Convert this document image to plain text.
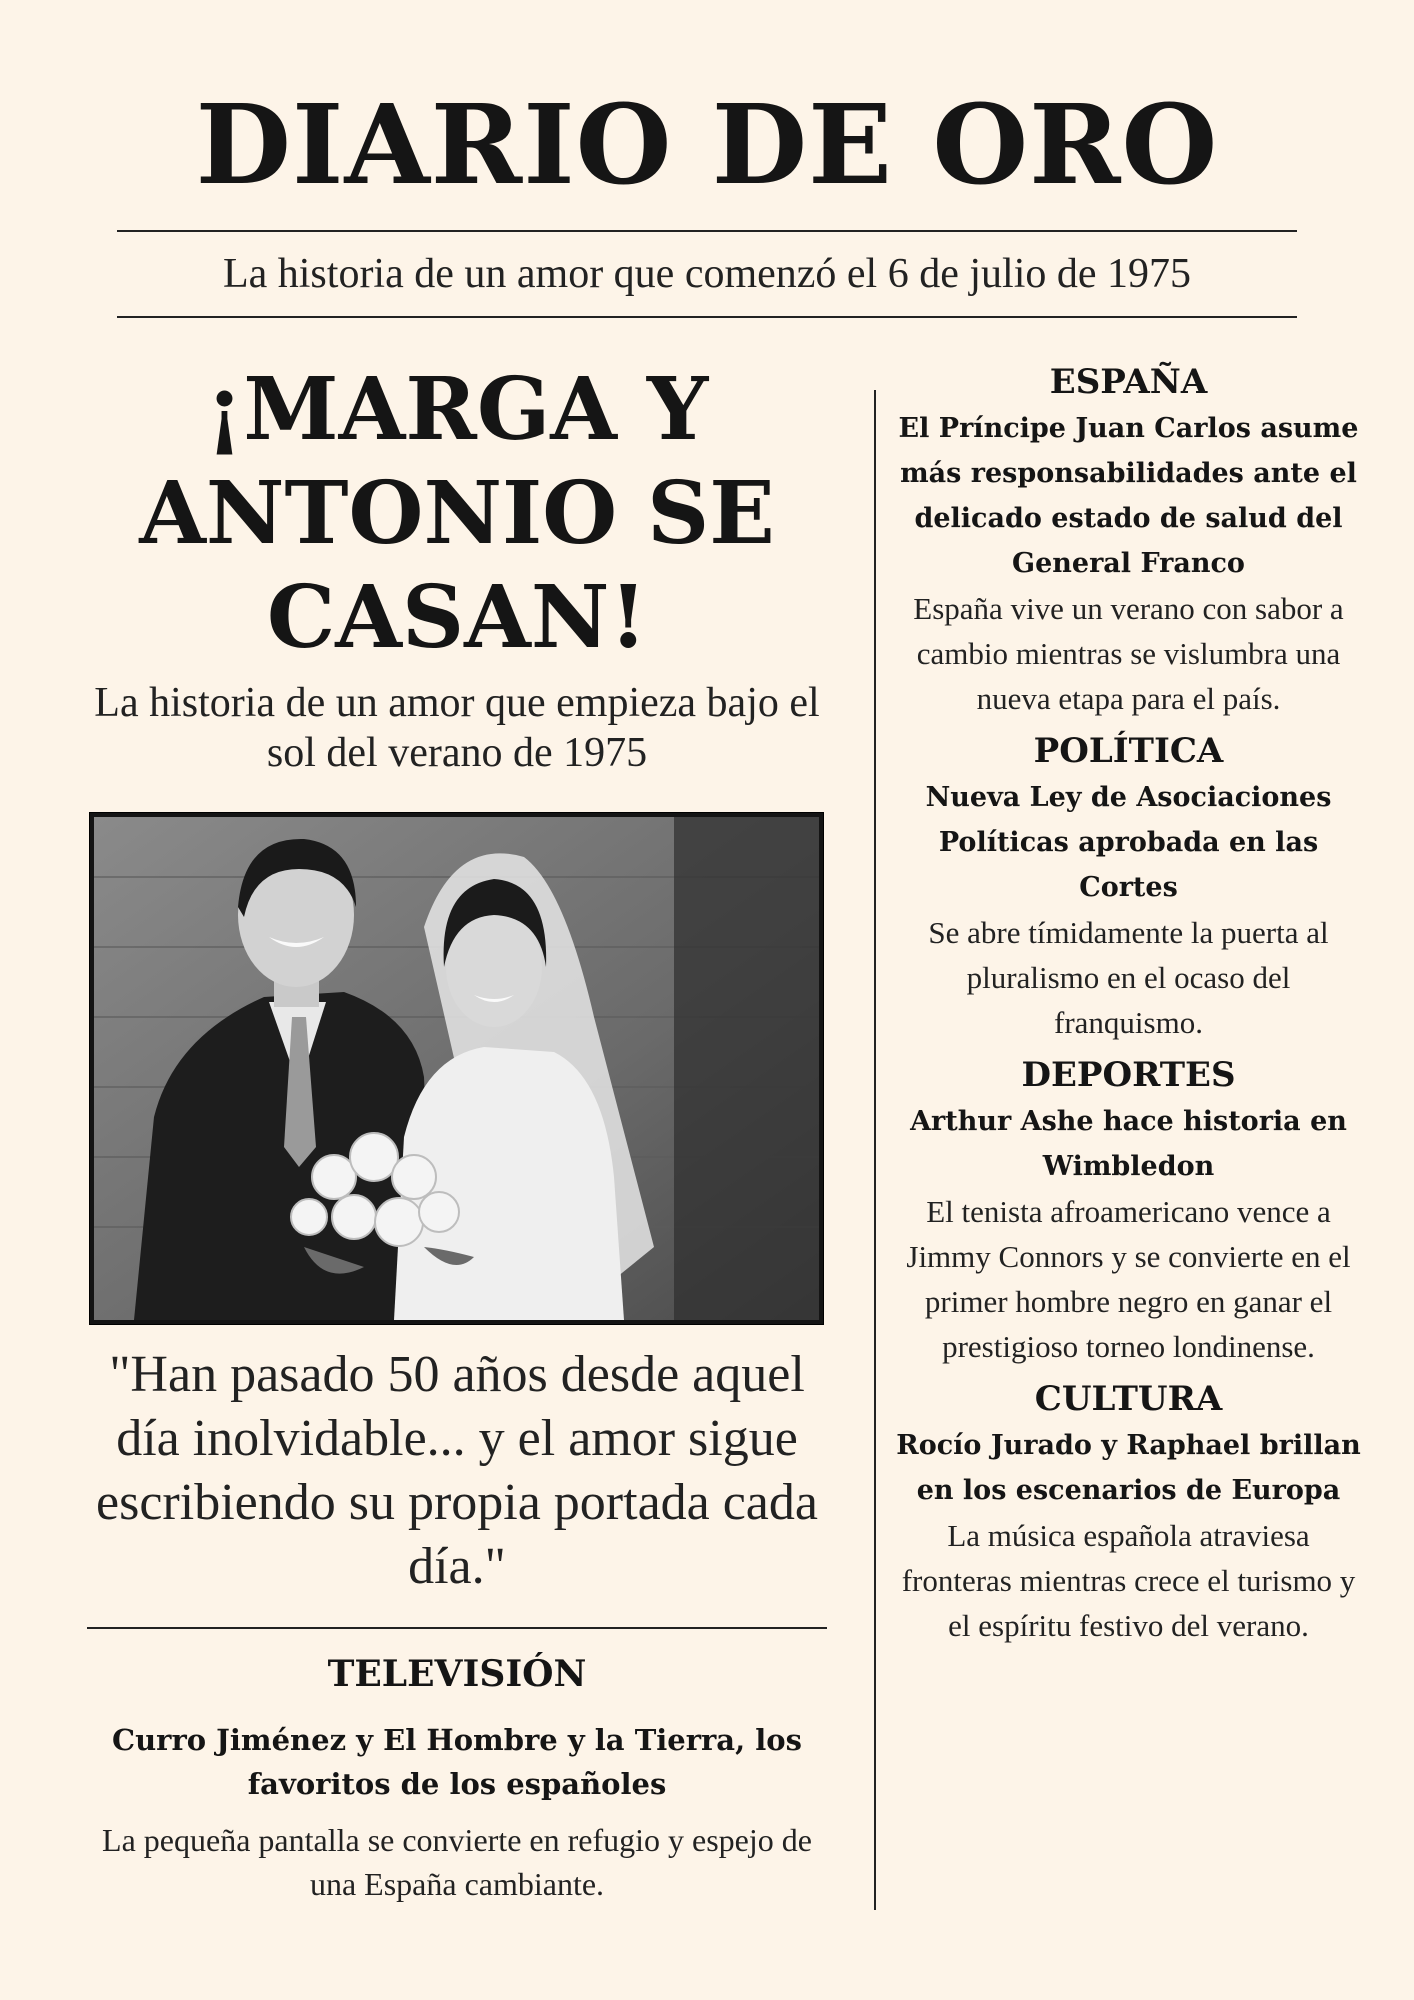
DIARIO DE ORO
La historia de un amor que comenzó el 6 de julio de 1975
¡MARGA Y ANTONIO SE CASAN!
La historia de un amor que empieza bajo el sol del verano de 1975
"Han pasado 50 años desde aquel día inolvidable... y el amor sigue escribiendo su propia portada cada día."
TELEVISIÓN
Curro Jiménez y El Hombre y la Tierra, los favoritos de los españoles
La pequeña pantalla se convierte en refugio y espejo de una España cambiante.
ESPAÑA
El Príncipe Juan Carlos asume más responsabilidades ante el delicado estado de salud del General Franco
España vive un verano con sabor a cambio mientras se vislumbra una nueva etapa para el país.
POLÍTICA
Nueva Ley de Asociaciones Políticas aprobada en las Cortes
Se abre tímidamente la puerta al pluralismo en el ocaso del franquismo.
DEPORTES
Arthur Ashe hace historia en Wimbledon
El tenista afroamericano vence a Jimmy Connors y se convierte en el primer hombre negro en ganar el prestigioso torneo londinense.
CULTURA
Rocío Jurado y Raphael brillan en los escenarios de Europa
La música española atraviesa fronteras mientras crece el turismo y el espíritu festivo del verano.
